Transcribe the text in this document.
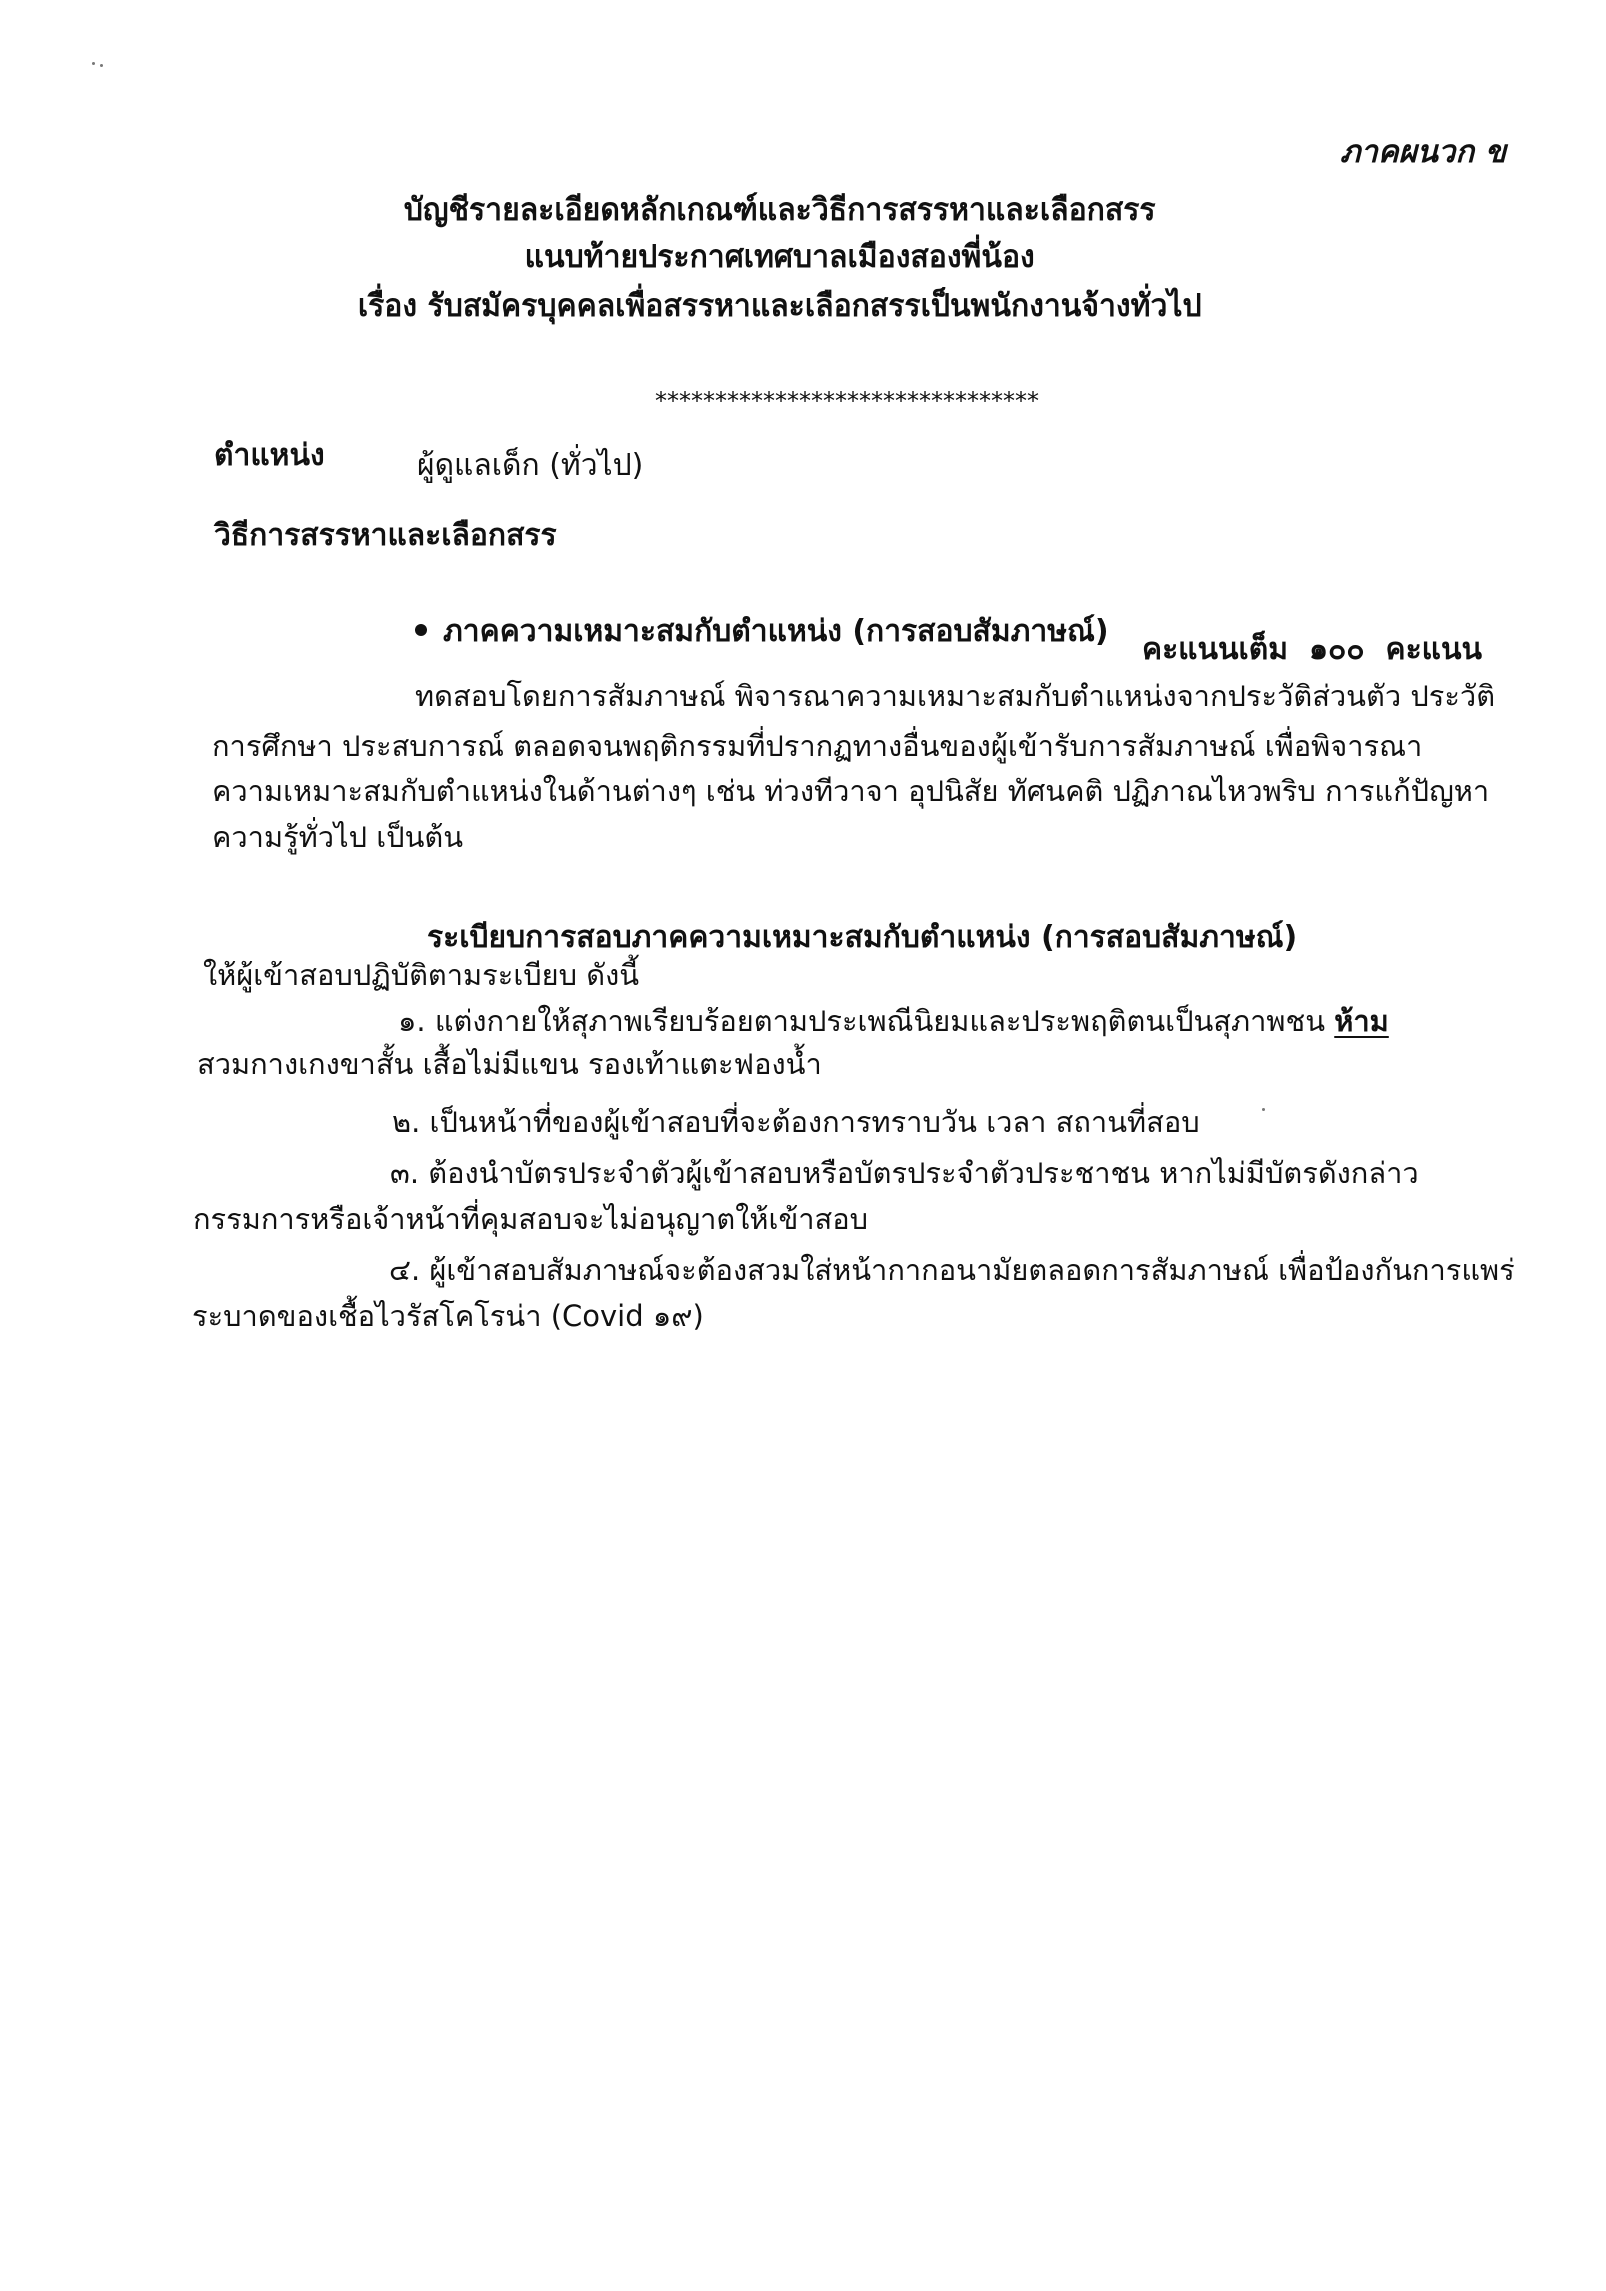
ภาคผนวก ข
บัญชีรายละเอียดหลักเกณฑ์และวิธีการสรรหาและเลือกสรร
แนบท้ายประกาศเทศบาลเมืองสองพี่น้อง
เรื่อง รับสมัครบุคคลเพื่อสรรหาและเลือกสรรเป็นพนักงานจ้างทั่วไป
********************************
ตำแหน่ง	ผู้ดูแลเด็ก (ทั่วไป)
วิธีการสรรหาและเลือกสรร
ภาคความเหมาะสมกับตำแหน่ง (การสอบสัมภาษณ์)
คะแนนเต็ม ๑๐๐ คะแนน
ทดสอบโดยการสัมภาษณ์ พิจารณาความเหมาะสมกับตำแหน่งจากประวัติส่วนตัว ประวัติ
การศึกษา ประสบการณ์ ตลอดจนพฤติกรรมที่ปรากฏทางอื่นของผู้เข้ารับการสัมภาษณ์ เพื่อพิจารณา
ความเหมาะสมกับตำแหน่งในด้านต่างๆ เช่น ท่วงทีวาจา อุปนิสัย ทัศนคติ ปฏิภาณไหวพริบ การแก้ปัญหา
ความรู้ทั่วไป เป็นต้น
ระเบียบการสอบภาคความเหมาะสมกับตำแหน่ง (การสอบสัมภาษณ์)
ให้ผู้เข้าสอบปฏิบัติตามระเบียบ ดังนี้
๑. แต่งกายให้สุภาพเรียบร้อยตามประเพณีนิยมและประพฤติตนเป็นสุภาพชน ห้าม
สวมกางเกงขาสั้น เสื้อไม่มีแขน รองเท้าแตะฟองน้ำ
๒. เป็นหน้าที่ของผู้เข้าสอบที่จะต้องการทราบวัน เวลา สถานที่สอบ
๓. ต้องนำบัตรประจำตัวผู้เข้าสอบหรือบัตรประจำตัวประชาชน หากไม่มีบัตรดังกล่าว
กรรมการหรือเจ้าหน้าที่คุมสอบจะไม่อนุญาตให้เข้าสอบ
๔. ผู้เข้าสอบสัมภาษณ์จะต้องสวมใส่หน้ากากอนามัยตลอดการสัมภาษณ์ เพื่อป้องกันการแพร่
ระบาดของเชื้อไวรัสโคโรน่า (Covid ๑๙)
